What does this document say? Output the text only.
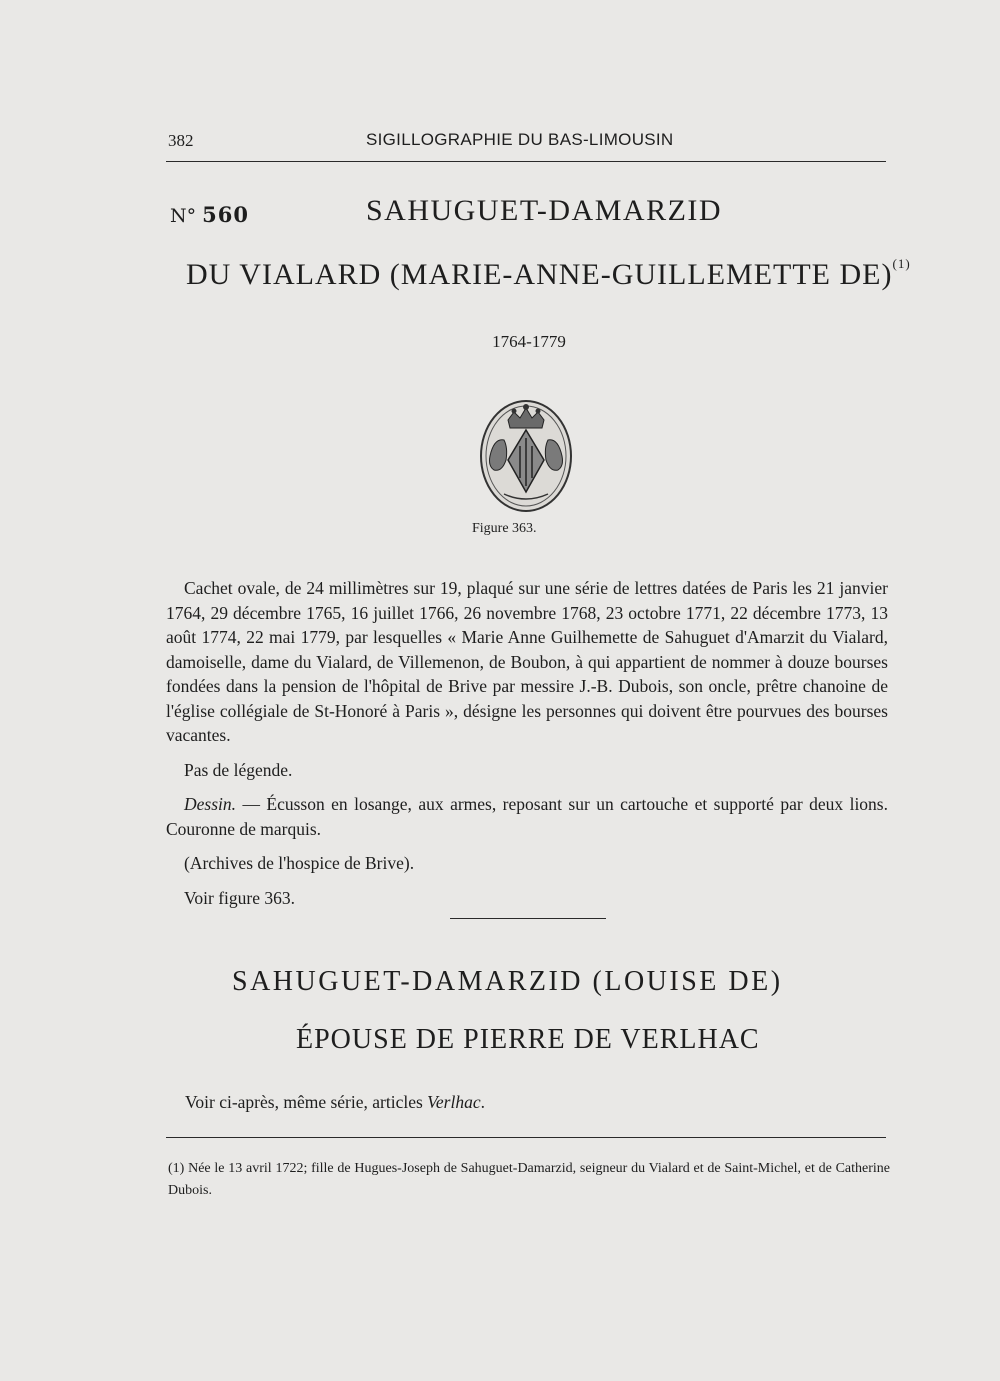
382	SIGILLOGRAPHIE DU BAS-LIMOUSIN
N° 560	SAHUGUET-DAMARZID
DU VIALARD (MARIE-ANNE-GUILLEMETTE DE)$^{(1)}$
1764-1779
Figure 363.

Cachet ovale, de 24 millimètres sur 19, plaqué sur une série de lettres datées de Paris les 21 janvier 1764, 29 décembre 1765, 16 juillet 1766, 26 novembre 1768, 23 octobre 1771, 22 décembre 1773, 13 août 1774, 22 mai 1779, par lesquelles « Marie Anne Guilhemette de Sahuguet d'Amarzit du Vialard, damoiselle, dame du Vialard, de Villemenon, de Boubon, à qui appartient de nommer à douze bourses fondées dans la pension de l'hôpital de Brive par messire J.-B. Dubois, son oncle, prêtre chanoine de l'église collégiale de St-Honoré à Paris », désigne les personnes qui doivent être pourvues des bourses vacantes.

Pas de légende.

Dessin. — Écusson en losange, aux armes, reposant sur un cartouche et supporté par deux lions. Couronne de marquis.

(Archives de l'hospice de Brive).

Voir figure 363.

SAHUGUET-DAMARZID (LOUISE DE)
ÉPOUSE DE PIERRE DE VERLHAC
Voir ci-après, même série, articles Verlhac.
(1) Née le 13 avril 1722; fille de Hugues-Joseph de Sahuguet-Damarzid, seigneur du Vialard et de Saint-Michel, et de Catherine Dubois.
